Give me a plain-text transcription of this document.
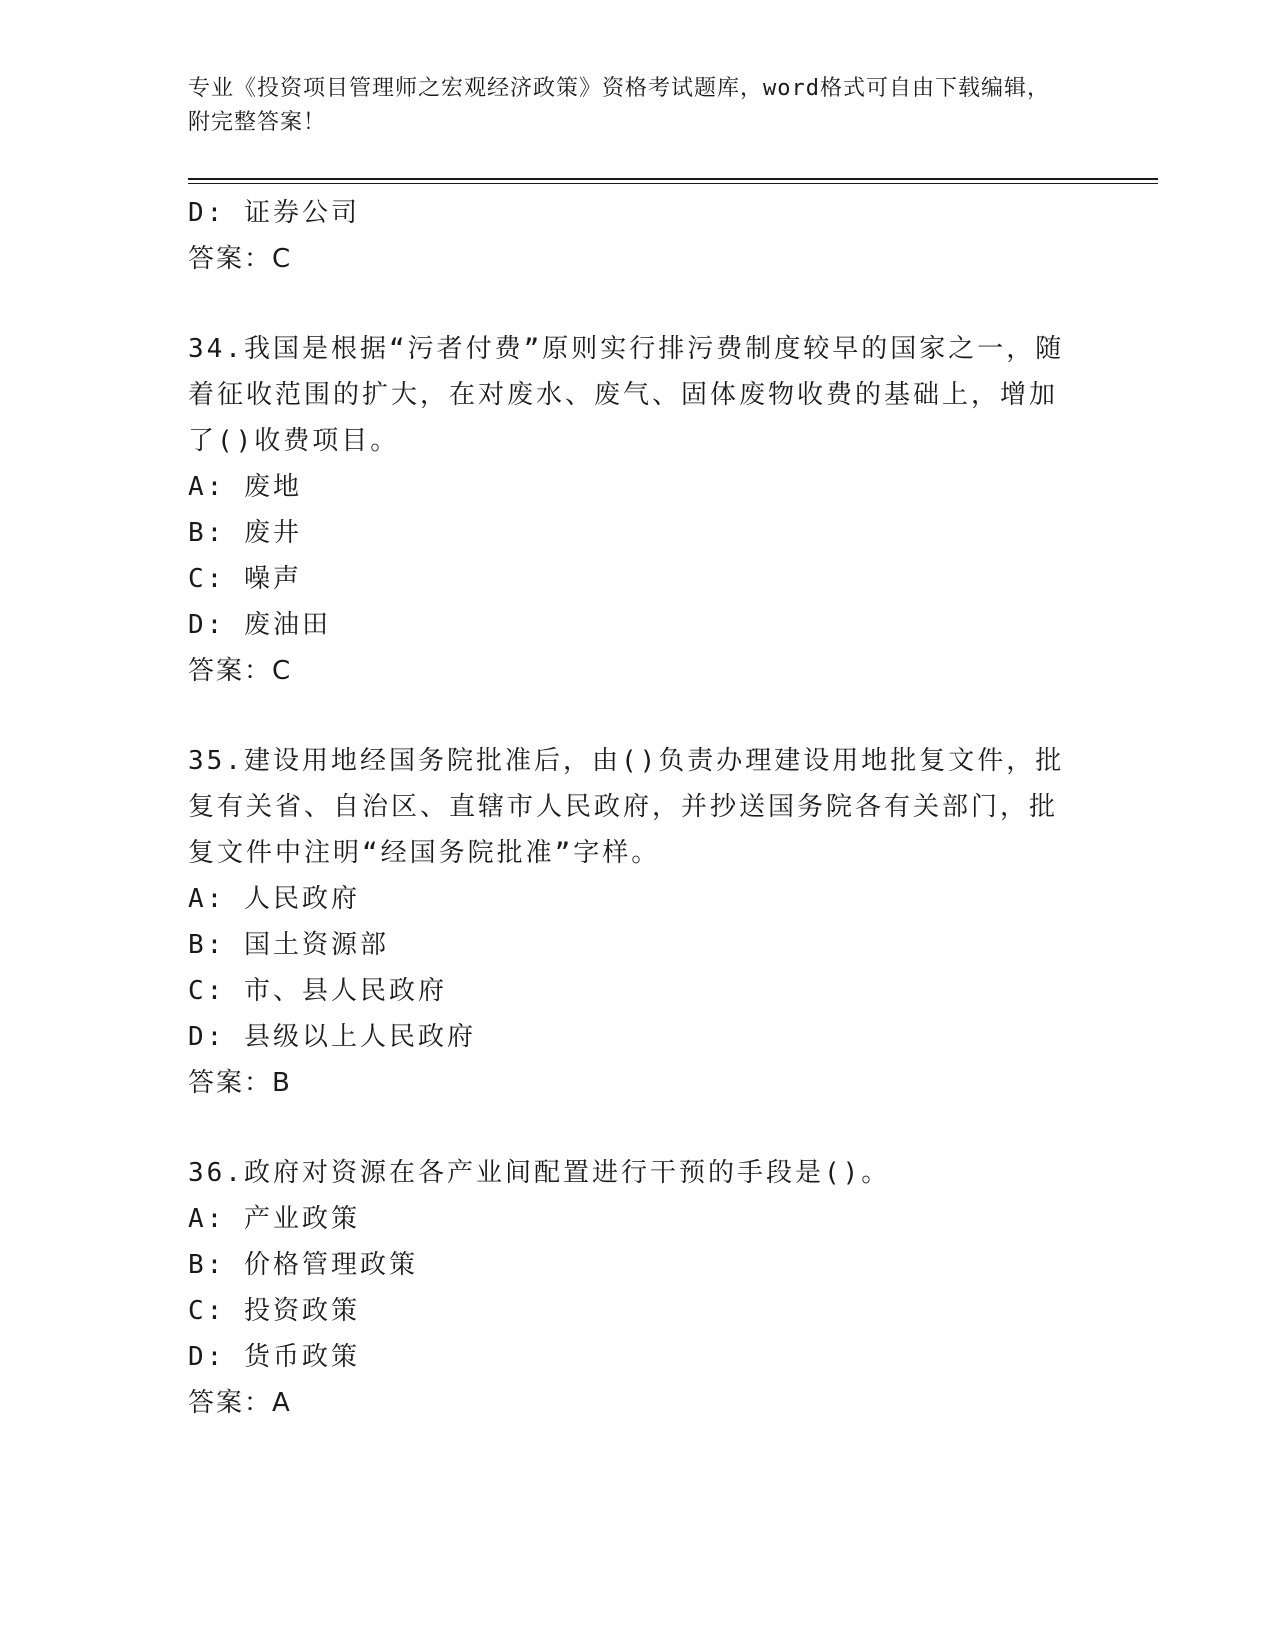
专业《投资项目管理师之宏观经济政策》资格考试题库，word格式可自由下载编辑，附完整答案！
D: 证券公司
答案：C
34.我国是根据“污者付费”原则实行排污费制度较早的国家之一，随着征收范围的扩大，在对废水、废气、固体废物收费的基础上，增加了()收费项目。
A: 废地
B: 废井
C: 噪声
D: 废油田
答案：C
35.建设用地经国务院批准后，由()负责办理建设用地批复文件，批复有关省、自治区、直辖市人民政府，并抄送国务院各有关部门，批复文件中注明“经国务院批准”字样。
A: 人民政府
B: 国土资源部
C: 市、县人民政府
D: 县级以上人民政府
答案：B
36.政府对资源在各产业间配置进行干预的手段是()。
A: 产业政策
B: 价格管理政策
C: 投资政策
D: 货币政策
答案：A
